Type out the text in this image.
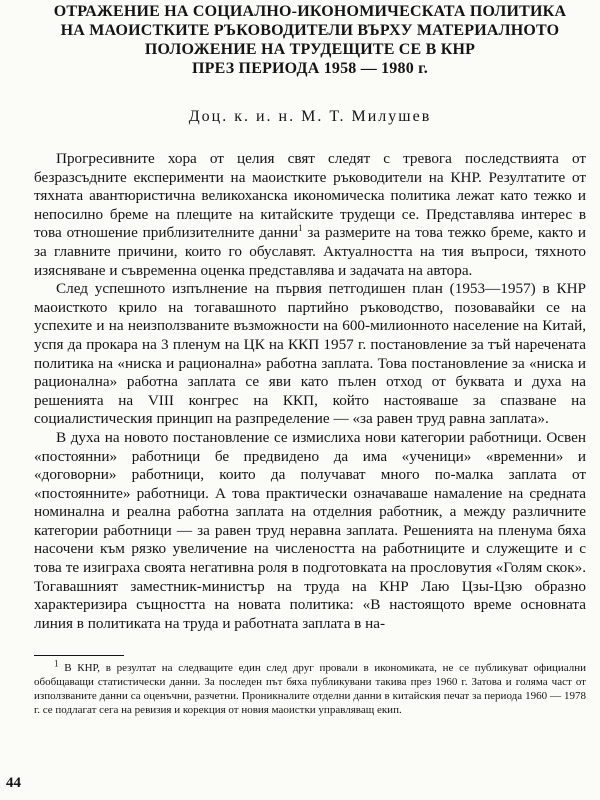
ОТРАЖЕНИЕ НА СОЦИАЛНО-ИКОНОМИЧЕСКАТА ПОЛИТИКА
НА МАОИСТКИТЕ РЪКОВОДИТЕЛИ ВЪРХУ МАТЕРИАЛНОТО
ПОЛОЖЕНИЕ НА ТРУДЕЩИТЕ СЕ В КНР
ПРЕЗ ПЕРИОДА 1958 — 1980 г.
Доц. к. и. н. М. Т. Милушев

Прогресивните хора от целия свят следят с тревога последствията от безразсъдните експерименти на маоистките ръководители на КНР. Резултатите от тяхната авантюристична великоханска икономическа политика лежат като тежко и непосилно бреме на плещите на китайските трудещи се. Представлява интерес в това отношение приблизителните данни$^1$ за размерите на това тежко бреме, както и за главните причини, които го обуславят. Актуалността на тия въпроси, тяхното изясняване и съвременна оценка представлява и задачата на автора.

След успешното изпълнение на първия петгодишен план (1953—1957) в КНР маоисткото крило на тогавашното партийно ръководство, позовавайки се на успехите и на неизползваните възможности на 600-милионното население на Китай, успя да прокара на 3 пленум на ЦК на ККП 1957 г. постановление за тъй наречената политика на «ниска и рационална» работна заплата. Това постановление за «ниска и рационална» работна заплата се яви като пълен отход от буквата и духа на решенията на VIII конгрес на ККП, който настояваше за спазване на социалистическия принцип на разпределение — «за равен труд равна заплата».

В духа на новото постановление се измислиха нови категории работници. Освен «постоянни» работници бе предвидено да има «ученици» «временни» и «договорни» работници, които да получават много по-малка заплата от «постоянните» работници. А това практически означаваше намаление на средната номинална и реална работна заплата на отделния работник, а между различните категории работници — за равен труд неравна заплата. Решенията на пленума бяха насочени към рязко увеличение на числеността на работниците и служещите и с това те изиграха своята негативна роля в подготовката на прословутия «Голям скок». Тогавашният заместник-министър на труда на КНР Лаю Цзы-Цзю образно характеризира същността на новата политика: «В настоящото време основната линия в политиката на труда и работната заплата в на-

$^1$ В КНР, в резултат на следващите един след друг провали в икономиката, не се публикуват официални обобщаващи статистически данни. За последен път бяха публикувани такива през 1960 г. Затова и голяма част от използваните данни са оценъчни, разчетни. Проникналите отделни данни в китайския печат за периода 1960 — 1978 г. се подлагат сега на ревизия и корекция от новия маоистки управляващ екип.

44
